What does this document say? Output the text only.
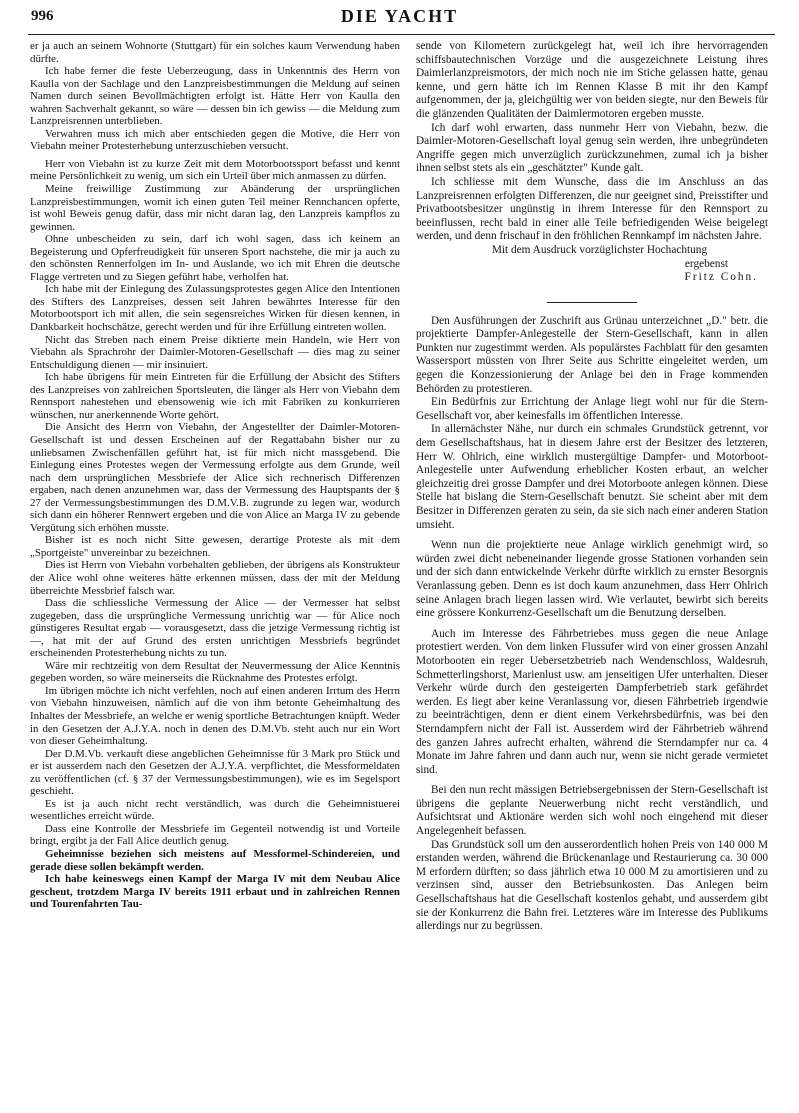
996	DIE YACHT

er ja auch an seinem Wohnorte (Stuttgart) für ein solches kaum Verwendung haben dürfte.

Ich habe ferner die feste Ueberzeugung, dass in Unkenntnis des Herrn von Kaulla von der Sachlage und den Lanzpreisbestimmungen die Meldung auf seinen Namen durch seinen Bevollmächtigten erfolgt ist. Hätte Herr von Kaulla den wahren Sachverhalt gekannt, so wäre — dessen bin ich gewiss — die Meldung zum Lanzpreisrennen unterblieben.

Verwahren muss ich mich aber entschieden gegen die Motive, die Herr von Viebahn meiner Protesterhebung unterzuschieben versucht.

Herr von Viebahn ist zu kurze Zeit mit dem Motorbootssport befasst und kennt meine Persönlichkeit zu wenig, um sich ein Urteil über mich anmassen zu dürfen.

Meine freiwillige Zustimmung zur Abänderung der ursprünglichen Lanzpreisbestimmungen, womit ich einen guten Teil meiner Rennchancen opferte, ist wohl Beweis genug dafür, dass mir nicht daran lag, den Lanzpreis kampflos zu gewinnen.

Ohne unbescheiden zu sein, darf ich wohl sagen, dass ich keinem an Begeisterung und Opferfreudigkeit für unseren Sport nachstehe, die mir ja auch zu den schönsten Rennerfolgen im In- und Auslande, wo ich mit Ehren die deutsche Flagge vertreten und zu Siegen geführt habe, verholfen hat.

Ich habe mit der Einlegung des Zulassungsprotestes gegen Alice den Intentionen des Stifters des Lanzpreises, dessen seit Jahren bewährtes Interesse für den Motorbootsport ich mit allen, die sein segensreiches Wirken für diesen kennen, in Dankbarkeit hochschätze, gerecht werden und für ihre Erfüllung eintreten wollen.

Nicht das Streben nach einem Preise diktierte mein Handeln, wie Herr von Viebahn als Sprachrohr der Daimler-Motoren-Gesellschaft — dies mag zu seiner Entschuldigung dienen — mir insinuiert.

Ich habe übrigens für mein Eintreten für die Erfüllung der Absicht des Stifters des Lanzpreises von zahlreichen Sportsleuten, die länger als Herr von Viebahn dem Rennsport nahestehen und ebensowenig wie ich mit Fabriken zu konkurrieren wünschen, nur anerkennende Worte gehört.

Die Ansicht des Herrn von Viebahn, der Angestellter der Daimler-Motoren-Gesellschaft ist und dessen Erscheinen auf der Regattabahn bisher nur zu unliebsamen Zwischenfällen geführt hat, ist für mich nicht massgebend. Die Einlegung eines Protestes wegen der Vermessung erfolgte aus dem Grunde, weil nach dem ursprünglichen Messbriefe der Alice sich rechnerisch Differenzen ergaben, nach denen anzunehmen war, dass der Vermessung des Hauptspants der § 27 der Vermessungsbestimmungen des D.M.V.B. zugrunde zu legen war, wodurch sich dann ein höherer Rennwert ergeben und die von Alice an Marga IV zu gebende Vergütung sich erhöhen musste.

Bisher ist es noch nicht Sitte gewesen, derartige Proteste als mit dem „Sportgeiste" unvereinbar zu bezeichnen.

Dies ist Herrn von Viebahn vorbehalten geblieben, der übrigens als Konstrukteur der Alice wohl ohne weiteres hätte erkennen müssen, dass der mit der Meldung überreichte Messbrief falsch war.

Dass die schliessliche Vermessung der Alice — der Vermesser hat selbst zugegeben, dass die ursprüngliche Vermessung unrichtig war — für Alice noch günstigeres Resultat ergab — vorausgesetzt, dass die jetzige Vermessung richtig ist —, hat mit der auf Grund des ersten unrichtigen Messbriefs begründet erscheinenden Protesterhebung nichts zu tun.

Wäre mir rechtzeitig von dem Resultat der Neuvermessung der Alice Kenntnis gegeben worden, so wäre meinerseits die Rücknahme des Protestes erfolgt.

Im übrigen möchte ich nicht verfehlen, noch auf einen anderen Irrtum des Herrn von Viebahn hinzuweisen, nämlich auf die von ihm betonte Geheimhaltung des Inhaltes der Messbriefe, an welche er wenig sportliche Betrachtungen knüpft. Weder in den Gesetzen der A.J.Y.A. noch in denen des D.M.Vb. steht auch nur ein Wort von dieser Geheimhaltung.

Der D.M.Vb. verkauft diese angeblichen Geheimnisse für 3 Mark pro Stück und er ist ausserdem nach den Gesetzen der A.J.Y.A. verpflichtet, die Messformeldaten zu veröffentlichen (cf. § 37 der Vermessungsbestimmungen), wie es im Segelsport geschieht.

Es ist ja auch nicht recht verständlich, was durch die Geheimnistuerei wesentliches erreicht würde.

Dass eine Kontrolle der Messbriefe im Gegenteil notwendig ist und Vorteile bringt, ergibt ja der Fall Alice deutlich genug.

Geheimnisse beziehen sich meistens auf Messformel-Schindereien, und gerade diese sollen bekämpft werden.

Ich habe keineswegs einen Kampf der Marga IV mit dem Neubau Alice gescheut, trotzdem Marga IV bereits 1911 erbaut und in zahlreichen Rennen und Tourenfahrten Tau-

sende von Kilometern zurückgelegt hat, weil ich ihre hervorragenden schiffsbautechnischen Vorzüge und die ausgezeichnete Leistung ihres Daimlerlanzpreismotors, der mich noch nie im Stiche gelassen hatte, genau kenne, und gern hätte ich im Rennen Klasse B mit ihr den Kampf aufgenommen, der ja, gleichgültig wer von beiden siegte, nur den Beweis für die glänzenden Qualitäten der Daimlermotoren ergeben musste.

Ich darf wohl erwarten, dass nunmehr Herr von Viebahn, bezw. die Daimler-Motoren-Gesellschaft loyal genug sein werden, ihre unbegründeten Angriffe gegen mich unverzüglich zurückzunehmen, zumal ich ja bisher ihnen selbst stets als ein „geschätzter" Kunde galt.

Ich schliesse mit dem Wunsche, dass die im Anschluss an das Lanzpreisrennen erfolgten Differenzen, die nur geeignet sind, Preisstifter und Privatbootsbesitzer ungünstig in ihrem Interesse für den Rennsport zu beeinflussen, recht bald in einer alle Teile befriedigenden Weise beigelegt werden, und denn frischauf in den fröhlichen Rennkampf im nächsten Jahre.

Mit dem Ausdruck vorzüglichster Hochachtung

ergebenst

Fritz Cohn.

Den Ausführungen der Zuschrift aus Grünau unterzeichnet „D." betr. die projektierte Dampfer-Anlegestelle der Stern-Gesellschaft, kann in allen Punkten nur zugestimmt werden. Als populärstes Fachblatt für den gesamten Wassersport müssten von Ihrer Seite aus Schritte eingeleitet werden, um gegen die Konzessionierung der Anlage bei den in Frage kommenden Behörden zu protestieren.

Ein Bedürfnis zur Errichtung der Anlage liegt wohl nur für die Stern-Gesellschaft vor, aber keinesfalls im öffentlichen Interesse.

In allernächster Nähe, nur durch ein schmales Grundstück getrennt, vor dem Gesellschaftshaus, hat in diesem Jahre erst der Besitzer des letzteren, Herr W. Ohlrich, eine wirklich mustergültige Dampfer- und Motorboot-Anlegestelle unter Aufwendung erheblicher Kosten erbaut, an welcher gleichzeitig drei grosse Dampfer und drei Motorboote anlegen können. Diese Stelle hat bislang die Stern-Gesellschaft benutzt. Sie scheint aber mit dem Besitzer in Differenzen geraten zu sein, da sie sich nach einer anderen Station umsieht.

Wenn nun die projektierte neue Anlage wirklich genehmigt wird, so würden zwei dicht nebeneinander liegende grosse Stationen vorhanden sein und der sich dann entwickelnde Verkehr dürfte wirklich zu ernster Besorgnis Veranlassung geben. Denn es ist doch kaum anzunehmen, dass Herr Ohlrich seine Anlagen brach liegen lassen wird. Wie verlautet, bewirbt sich bereits eine grössere Konkurrenz-Gesellschaft um die Benutzung derselben.

Auch im Interesse des Fährbetriebes muss gegen die neue Anlage protestiert werden. Von dem linken Flussufer wird von einer grossen Anzahl Motorbooten ein reger Uebersetzbetrieb nach Wendenschloss, Waldesruh, Schmetterlingshorst, Marienlust usw. am jenseitigen Ufer unterhalten. Dieser Verkehr würde durch den gesteigerten Dampferbetrieb stark gefährdet werden. Es liegt aber keine Veranlassung vor, diesen Fährbetrieb irgendwie zu beeinträchtigen, denn er dient einem Verkehrsbedürfnis, was bei den Sterndampfern nicht der Fall ist. Ausserdem wird der Fährbetrieb während des ganzen Jahres aufrecht erhalten, während die Sterndampfer nur ca. 4 Monate im Jahre fahren und dann auch nur, wenn sie nicht gerade vermietet sind.

Bei den nun recht mässigen Betriebsergebnissen der Stern-Gesellschaft ist übrigens die geplante Neuerwerbung nicht recht verständlich, und Aufsichtsrat und Aktionäre werden sich wohl noch eingehend mit dieser Angelegenheit befassen.

Das Grundstück soll um den ausserordentlich hohen Preis von 140 000 M erstanden werden, während die Brückenanlage und Restaurierung ca. 30 000 M erfordern dürften; so dass jährlich etwa 10 000 M zu amortisieren und zu verzinsen sind, ausser den Betriebsunkosten. Das Anlegen beim Gesellschaftshaus hat die Gesellschaft kostenlos gehabt, und ausserdem gibt sie der Konkurrenz die Bahn frei. Letzteres wäre im Interesse des Publikums allerdings nur zu begrüssen.
